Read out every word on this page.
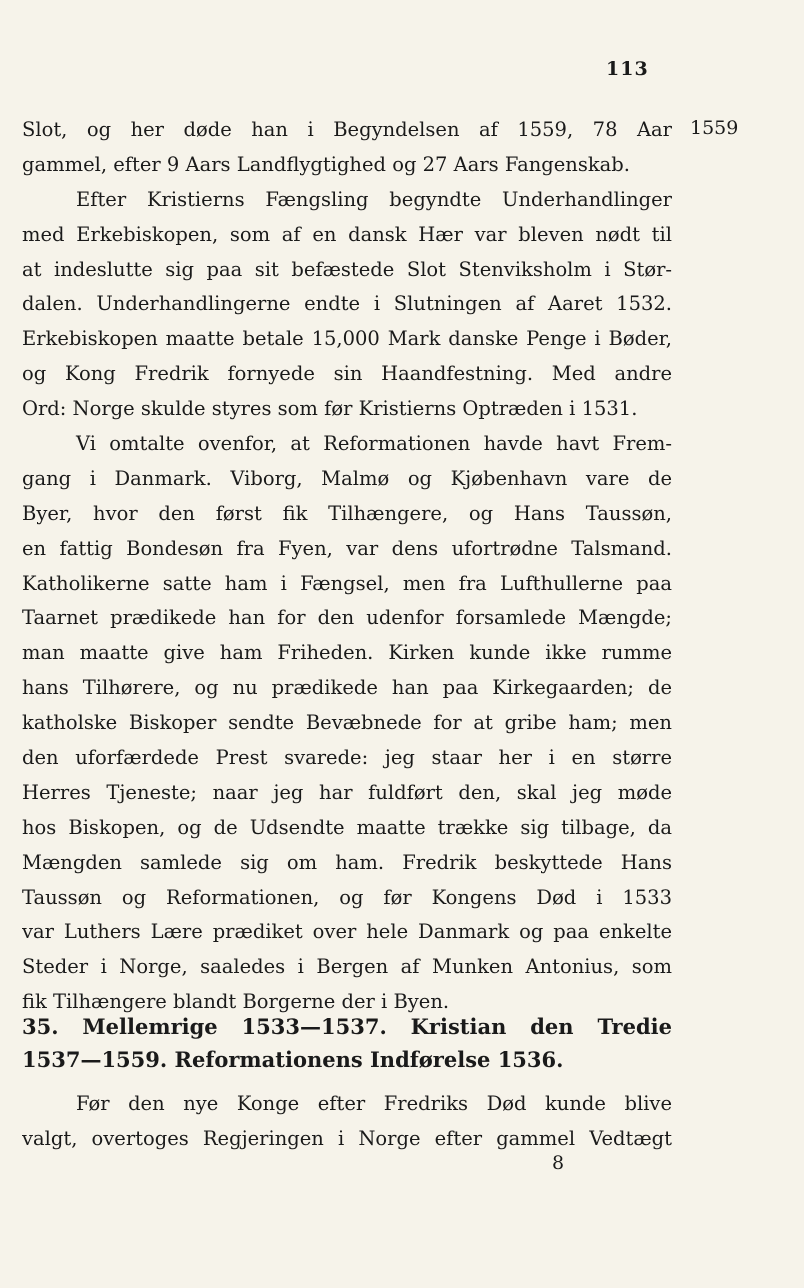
113
1559
Slot, og her døde han i Begyndelsen af 1559, 78 Aar
gammel, efter 9 Aars Landflygtighed og 27 Aars Fangenskab.
Efter Kristierns Fængsling begyndte Underhandlinger
med Erkebiskopen, som af en dansk Hær var bleven nødt til
at indeslutte sig paa sit befæstede Slot Stenviksholm i Stør-
dalen. Underhandlingerne endte i Slutningen af Aaret 1532.
Erkebiskopen maatte betale 15,000 Mark danske Penge i Bøder,
og Kong Fredrik fornyede sin Haandfestning. Med andre
Ord: Norge skulde styres som før Kristierns Optræden i 1531.
Vi omtalte ovenfor, at Reformationen havde havt Frem-
gang i Danmark. Viborg, Malmø og Kjøbenhavn vare de
Byer, hvor den først fik Tilhængere, og Hans Taussøn,
en fattig Bondesøn fra Fyen, var dens ufortrødne Talsmand.
Katholikerne satte ham i Fængsel, men fra Lufthullerne paa
Taarnet prædikede han for den udenfor forsamlede Mængde;
man maatte give ham Friheden. Kirken kunde ikke rumme
hans Tilhørere, og nu prædikede han paa Kirkegaarden; de
katholske Biskoper sendte Bevæbnede for at gribe ham; men
den uforfærdede Prest svarede: jeg staar her i en større
Herres Tjeneste; naar jeg har fuldført den, skal jeg møde
hos Biskopen, og de Udsendte maatte trække sig tilbage, da
Mængden samlede sig om ham. Fredrik beskyttede Hans
Taussøn og Reformationen, og før Kongens Død i 1533
var Luthers Lære prædiket over hele Danmark og paa enkelte
Steder i Norge, saaledes i Bergen af Munken Antonius, som
fik Tilhængere blandt Borgerne der i Byen.
35. Mellemrige 1533—1537. Kristian den Tredie
1537—1559. Reformationens Indførelse 1536.
Før den nye Konge efter Fredriks Død kunde blive
valgt, overtoges Regjeringen i Norge efter gammel Vedtægt
8
